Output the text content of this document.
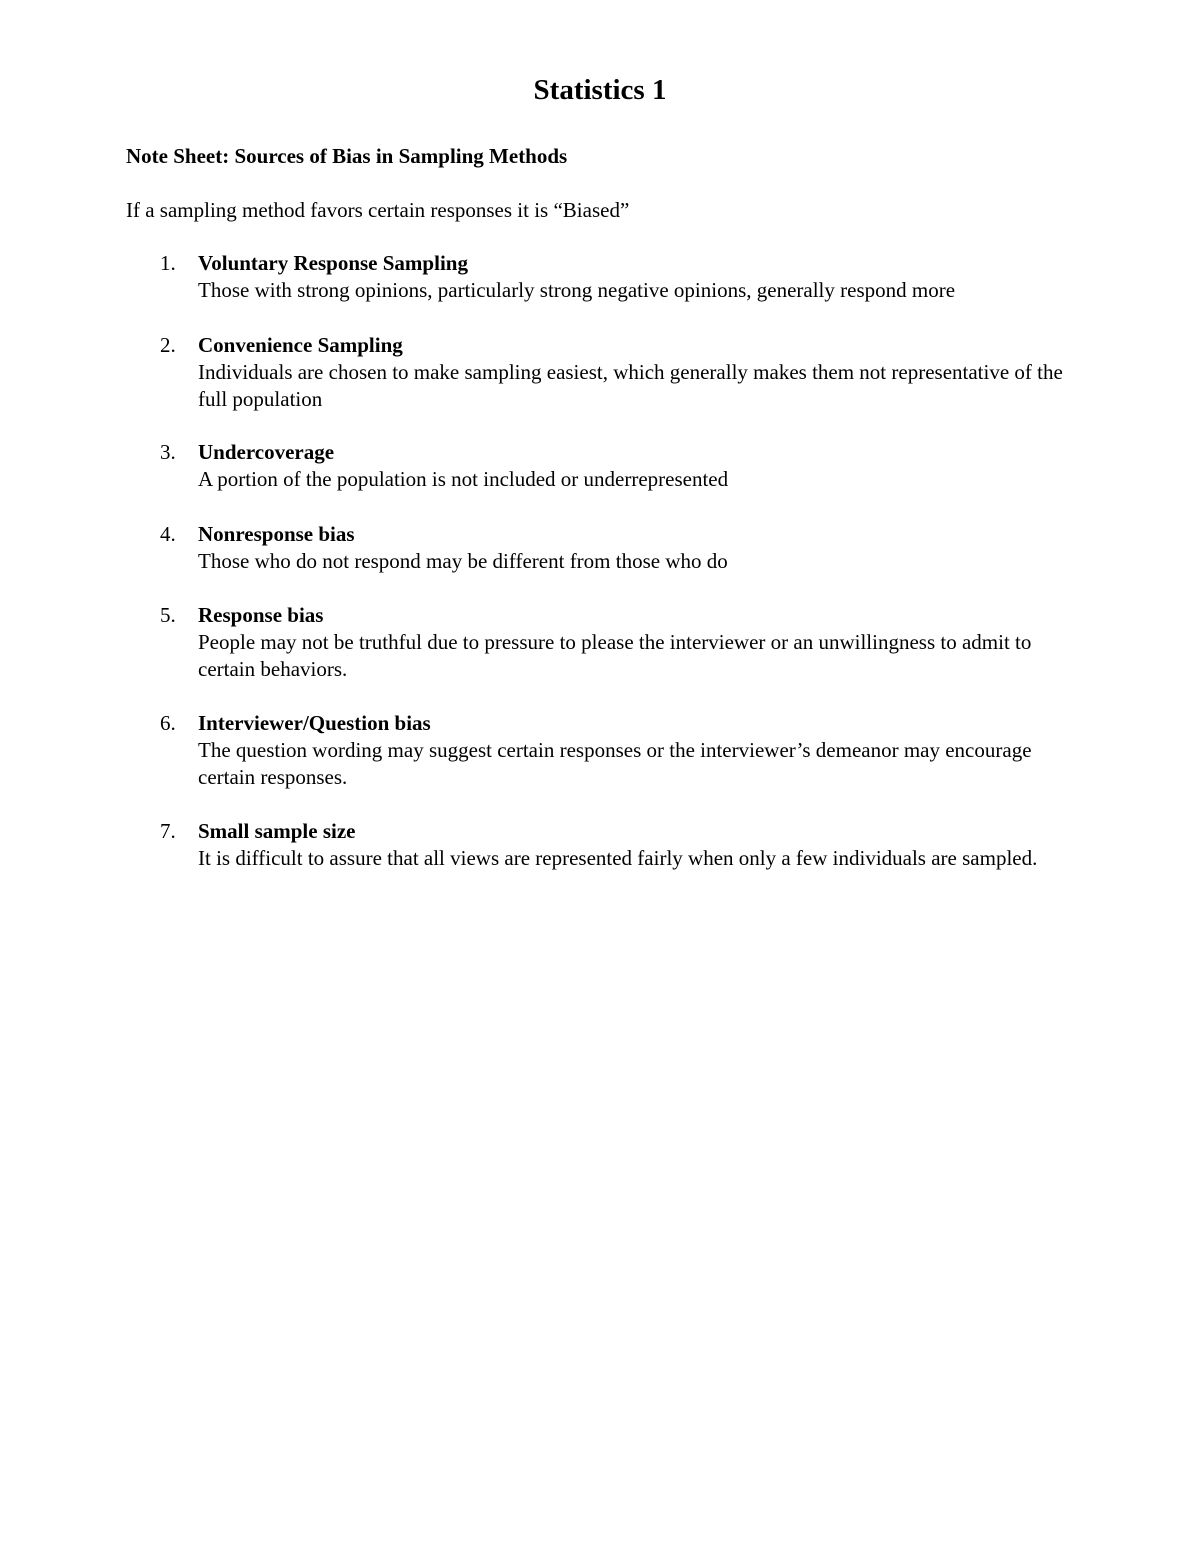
Statistics 1

Note Sheet: Sources of Bias in Sampling Methods

If a sampling method favors certain responses it is “Biased”

1. Voluntary Response Sampling
Those with strong opinions, particularly strong negative opinions, generally respond more
2. Convenience Sampling
Individuals are chosen to make sampling easiest, which generally makes them not representative of the full population
3. Undercoverage
A portion of the population is not included or underrepresented
4. Nonresponse bias
Those who do not respond may be different from those who do
5. Response bias
People may not be truthful due to pressure to please the interviewer or an unwillingness to admit to certain behaviors.
6. Interviewer/Question bias
The question wording may suggest certain responses or the interviewer’s demeanor may encourage certain responses.
7. Small sample size
It is difficult to assure that all views are represented fairly when only a few individuals are sampled.
